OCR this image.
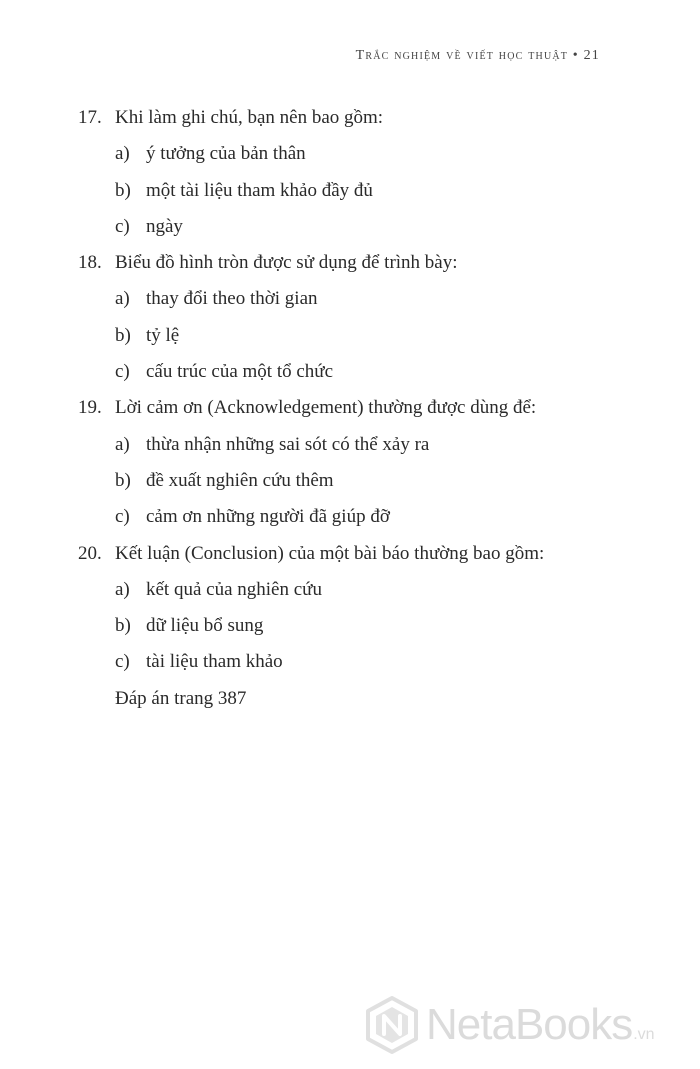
Trắc nghiệm về viết học thuật • 21
17. Khi làm ghi chú, bạn nên bao gồm:
a) ý tưởng của bản thân
b) một tài liệu tham khảo đầy đủ
c) ngày
18. Biểu đồ hình tròn được sử dụng để trình bày:
a) thay đổi theo thời gian
b) tỷ lệ
c) cấu trúc của một tổ chức
19. Lời cảm ơn (Acknowledgement) thường được dùng để:
a) thừa nhận những sai sót có thể xảy ra
b) đề xuất nghiên cứu thêm
c) cảm ơn những người đã giúp đỡ
20. Kết luận (Conclusion) của một bài báo thường bao gồm:
a) kết quả của nghiên cứu
b) dữ liệu bổ sung
c) tài liệu tham khảo
Đáp án trang 387
NetaBooks.vn
